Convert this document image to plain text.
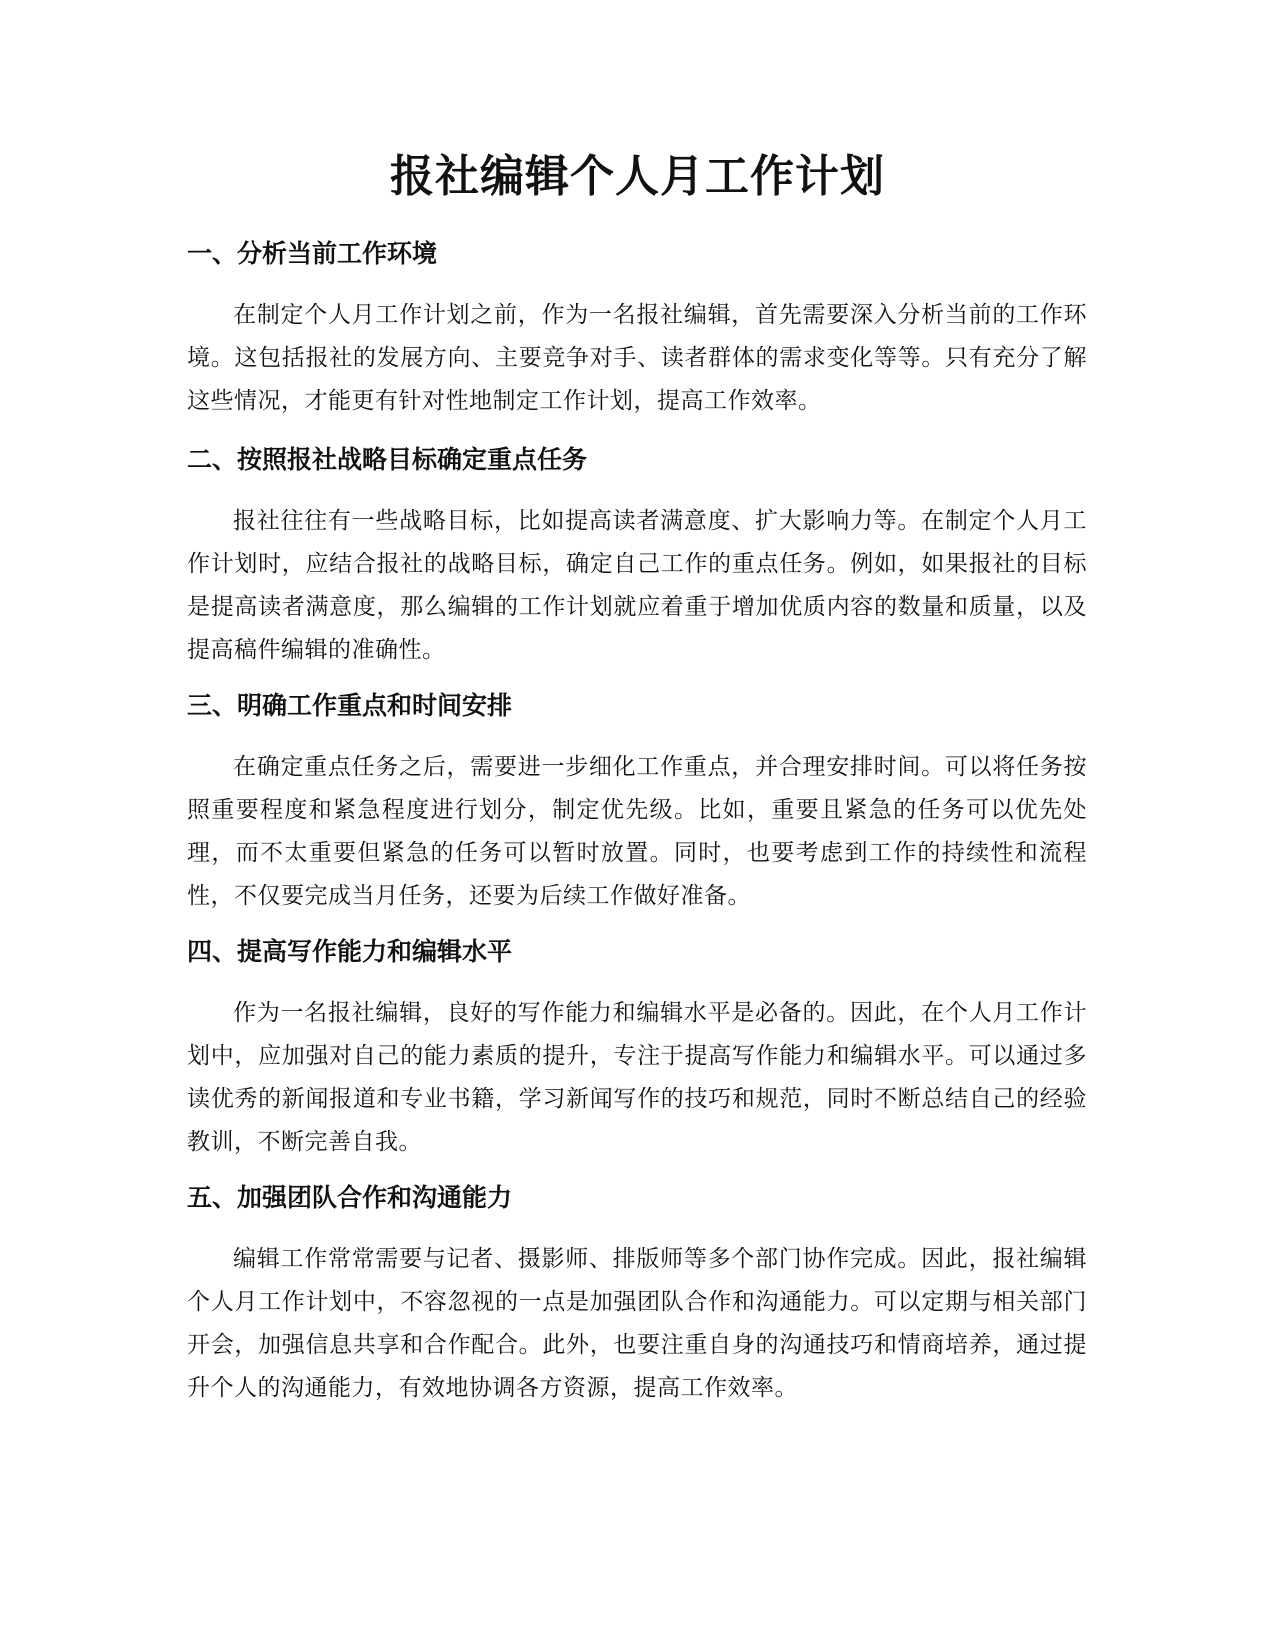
报社编辑个人月工作计划
一、分析当前工作环境

在制定个人月工作计划之前，作为一名报社编辑，首先需要深入分析当前的工作环境。这包括报社的发展方向、主要竞争对手、读者群体的需求变化等等。只有充分了解这些情况，才能更有针对性地制定工作计划，提高工作效率。

二、按照报社战略目标确定重点任务

报社往往有一些战略目标，比如提高读者满意度、扩大影响力等。在制定个人月工作计划时，应结合报社的战略目标，确定自己工作的重点任务。例如，如果报社的目标是提高读者满意度，那么编辑的工作计划就应着重于增加优质内容的数量和质量，以及提高稿件编辑的准确性。

三、明确工作重点和时间安排

在确定重点任务之后，需要进一步细化工作重点，并合理安排时间。可以将任务按照重要程度和紧急程度进行划分，制定优先级。比如，重要且紧急的任务可以优先处理，而不太重要但紧急的任务可以暂时放置。同时，也要考虑到工作的持续性和流程性，不仅要完成当月任务，还要为后续工作做好准备。

四、提高写作能力和编辑水平

作为一名报社编辑，良好的写作能力和编辑水平是必备的。因此，在个人月工作计划中，应加强对自己的能力素质的提升，专注于提高写作能力和编辑水平。可以通过多读优秀的新闻报道和专业书籍，学习新闻写作的技巧和规范，同时不断总结自己的经验教训，不断完善自我。

五、加强团队合作和沟通能力

编辑工作常常需要与记者、摄影师、排版师等多个部门协作完成。因此，报社编辑个人月工作计划中，不容忽视的一点是加强团队合作和沟通能力。可以定期与相关部门开会，加强信息共享和合作配合。此外，也要注重自身的沟通技巧和情商培养，通过提升个人的沟通能力，有效地协调各方资源，提高工作效率。
